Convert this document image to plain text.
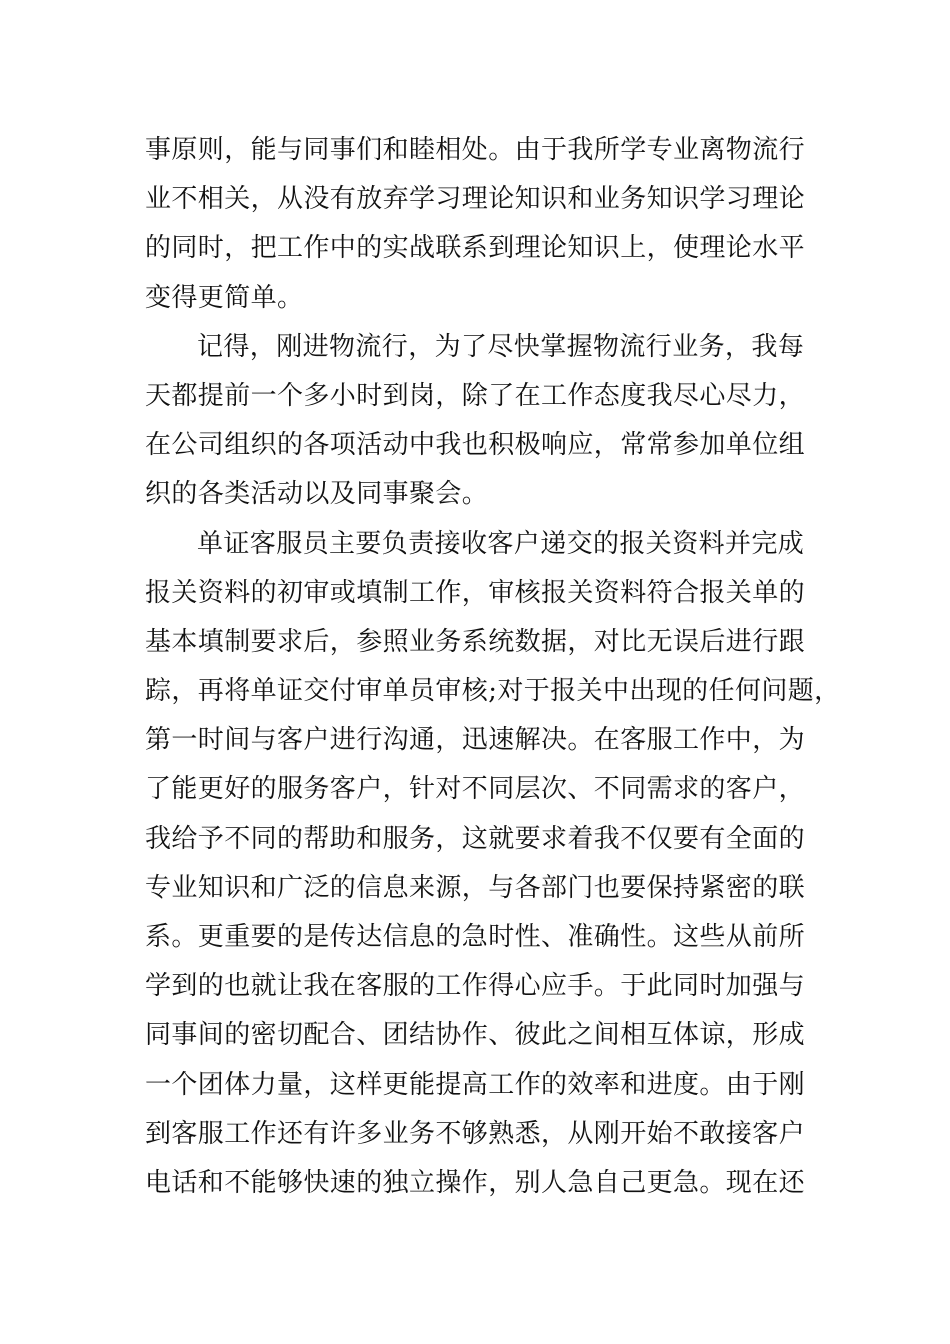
事原则，能与同事们和睦相处。由于我所学专业离物流行
业不相关，从没有放弃学习理论知识和业务知识学习理论
的同时，把工作中的实战联系到理论知识上，使理论水平
变得更简单。
记得，刚进物流行，为了尽快掌握物流行业务，我每
天都提前一个多小时到岗，除了在工作态度我尽心尽力，
在公司组织的各项活动中我也积极响应，常常参加单位组
织的各类活动以及同事聚会。
单证客服员主要负责接收客户递交的报关资料并完成
报关资料的初审或填制工作，审核报关资料符合报关单的
基本填制要求后，参照业务系统数据，对比无误后进行跟
踪，再将单证交付审单员审核;对于报关中出现的任何问题，
第一时间与客户进行沟通，迅速解决。在客服工作中，为
了能更好的服务客户，针对不同层次、不同需求的客户，
我给予不同的帮助和服务，这就要求着我不仅要有全面的
专业知识和广泛的信息来源，与各部门也要保持紧密的联
系。更重要的是传达信息的急时性、准确性。这些从前所
学到的也就让我在客服的工作得心应手。于此同时加强与
同事间的密切配合、团结协作、彼此之间相互体谅，形成
一个团体力量，这样更能提高工作的效率和进度。由于刚
到客服工作还有许多业务不够熟悉，从刚开始不敢接客户
电话和不能够快速的独立操作，别人急自己更急。现在还
